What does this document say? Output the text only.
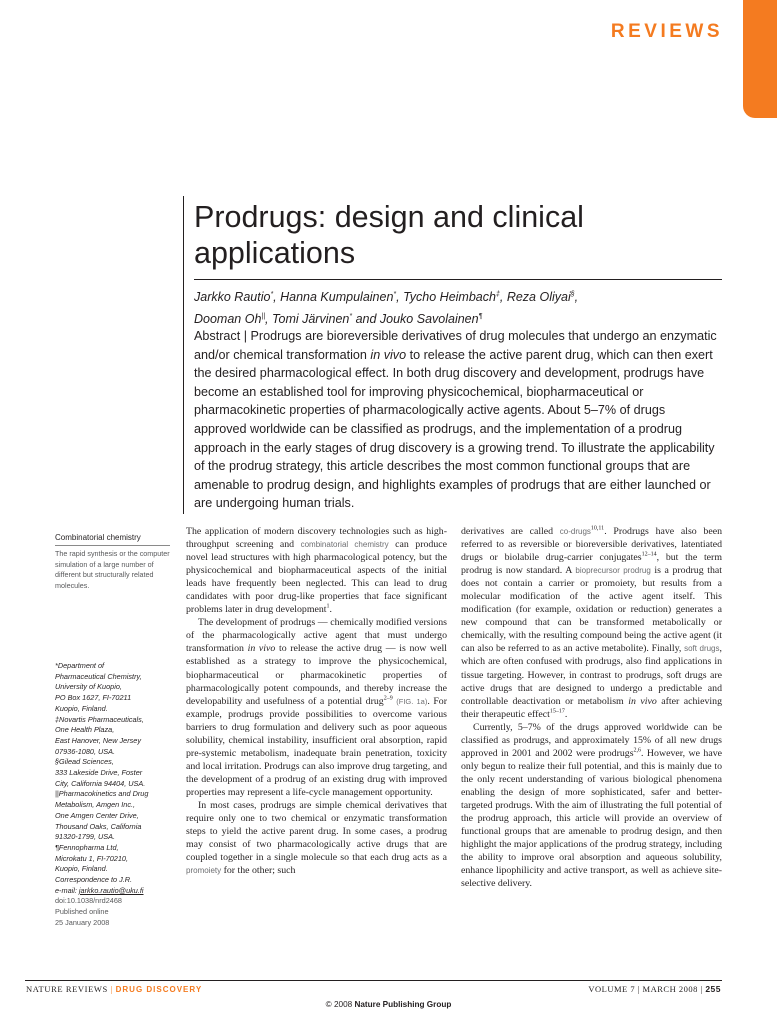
REVIEWS
Prodrugs: design and clinical applications
Jarkko Rautio*, Hanna Kumpulainen*, Tycho Heimbach‡, Reza Oliyai§,
Dooman Oh||, Tomi Järvinen* and Jouko Savolainen¶
Abstract | Prodrugs are bioreversible derivatives of drug molecules that undergo an enzymatic and/or chemical transformation in vivo to release the active parent drug, which can then exert the desired pharmacological effect. In both drug discovery and development, prodrugs have become an established tool for improving physicochemical, biopharmaceutical or pharmacokinetic properties of pharmacologically active agents. About 5–7% of drugs approved worldwide can be classified as prodrugs, and the implementation of a prodrug approach in the early stages of drug discovery is a growing trend. To illustrate the applicability of the prodrug strategy, this article describes the most common functional groups that are amenable to prodrug design, and highlights examples of prodrugs that are either launched or are undergoing human trials.
Combinatorial chemistry
The rapid synthesis or the computer simulation of a large number of different but structurally related molecules.
*Department of
Pharmaceutical Chemistry,
University of Kuopio,
PO Box 1627, FI-70211
Kuopio, Finland.
‡Novartis Pharmaceuticals,
One Health Plaza,
East Hanover, New Jersey
07936-1080, USA.
§Gilead Sciences,
333 Lakeside Drive, Foster
City, California 94404, USA.
||Pharmacokinetics and Drug
Metabolism, Amgen Inc.,
One Amgen Center Drive,
Thousand Oaks, California
91320-1799, USA.
¶Fennopharma Ltd,
Microkatu 1, FI-70210,
Kuopio, Finland.
Correspondence to J.R.
e-mail: jarkko.rautio@uku.fi
doi:10.1038/nrd2468
Published online
25 January 2008

The application of modern discovery technologies such as high-throughput screening and combinatorial chemistry can produce novel lead structures with high pharmacological potency, but the physicochemical and biopharmaceutical aspects of the initial leads have frequently been neglected. This can lead to drug candidates with poor drug-like properties that face significant problems later in drug development$^1$.

The development of prodrugs — chemically modified versions of the pharmacologically active agent that must undergo transformation in vivo to release the active drug — is now well established as a strategy to improve the physicochemical, biopharmaceutical or pharmacokinetic properties of pharmacologically potent compounds, and thereby increase the developability and usefulness of a potential drug$^{2-9}$ (FIG. 1a). For example, prodrugs provide possibilities to overcome various barriers to drug formulation and delivery such as poor aqueous solubility, chemical instability, insufficient oral absorption, rapid pre-systemic metabolism, inadequate brain penetration, toxicity and local irritation. Prodrugs can also improve drug targeting, and the development of a prodrug of an existing drug with improved properties may represent a life-cycle management opportunity.

In most cases, prodrugs are simple chemical derivatives that require only one to two chemical or enzymatic transformation steps to yield the active parent drug. In some cases, a prodrug may consist of two pharmacologically active drugs that are coupled together in a single molecule so that each drug acts as a promoiety for the other; such

derivatives are called co-drugs$^{10,11}$. Prodrugs have also been referred to as reversible or bioreversible derivatives, latentiated drugs or biolabile drug-carrier conjugates$^{12-14}$, but the term prodrug is now standard. A bioprecursor prodrug is a prodrug that does not contain a carrier or promoiety, but results from a molecular modification of the active agent itself. This modification (for example, oxidation or reduction) generates a new compound that can be transformed metabolically or chemically, with the resulting compound being the active agent (it can also be referred to as an active metabolite). Finally, soft drugs, which are often confused with prodrugs, also find applications in tissue targeting. However, in contrast to prodrugs, soft drugs are active drugs that are designed to undergo a predictable and controllable deactivation or metabolism in vivo after achieving their therapeutic effect$^{15-17}$.

Currently, 5–7% of the drugs approved worldwide can be classified as prodrugs, and approximately 15% of all new drugs approved in 2001 and 2002 were prodrugs$^{2,6}$. However, we have only begun to realize their full potential, and this is mainly due to the only recent understanding of various biological phenomena enabling the design of more sophisticated, safer and better-targeted prodrugs. With the aim of illustrating the full potential of the prodrug approach, this article will provide an overview of functional groups that are amenable to prodrug design, and then highlight the major applications of the prodrug strategy, including the ability to improve oral absorption and aqueous solubility, enhance lipophilicity and active transport, as well as achieve site-selective delivery.

NATURE REVIEWS | DRUG DISCOVERY	VOLUME 7 | MARCH 2008 | 255
© 2008 Nature Publishing Group
